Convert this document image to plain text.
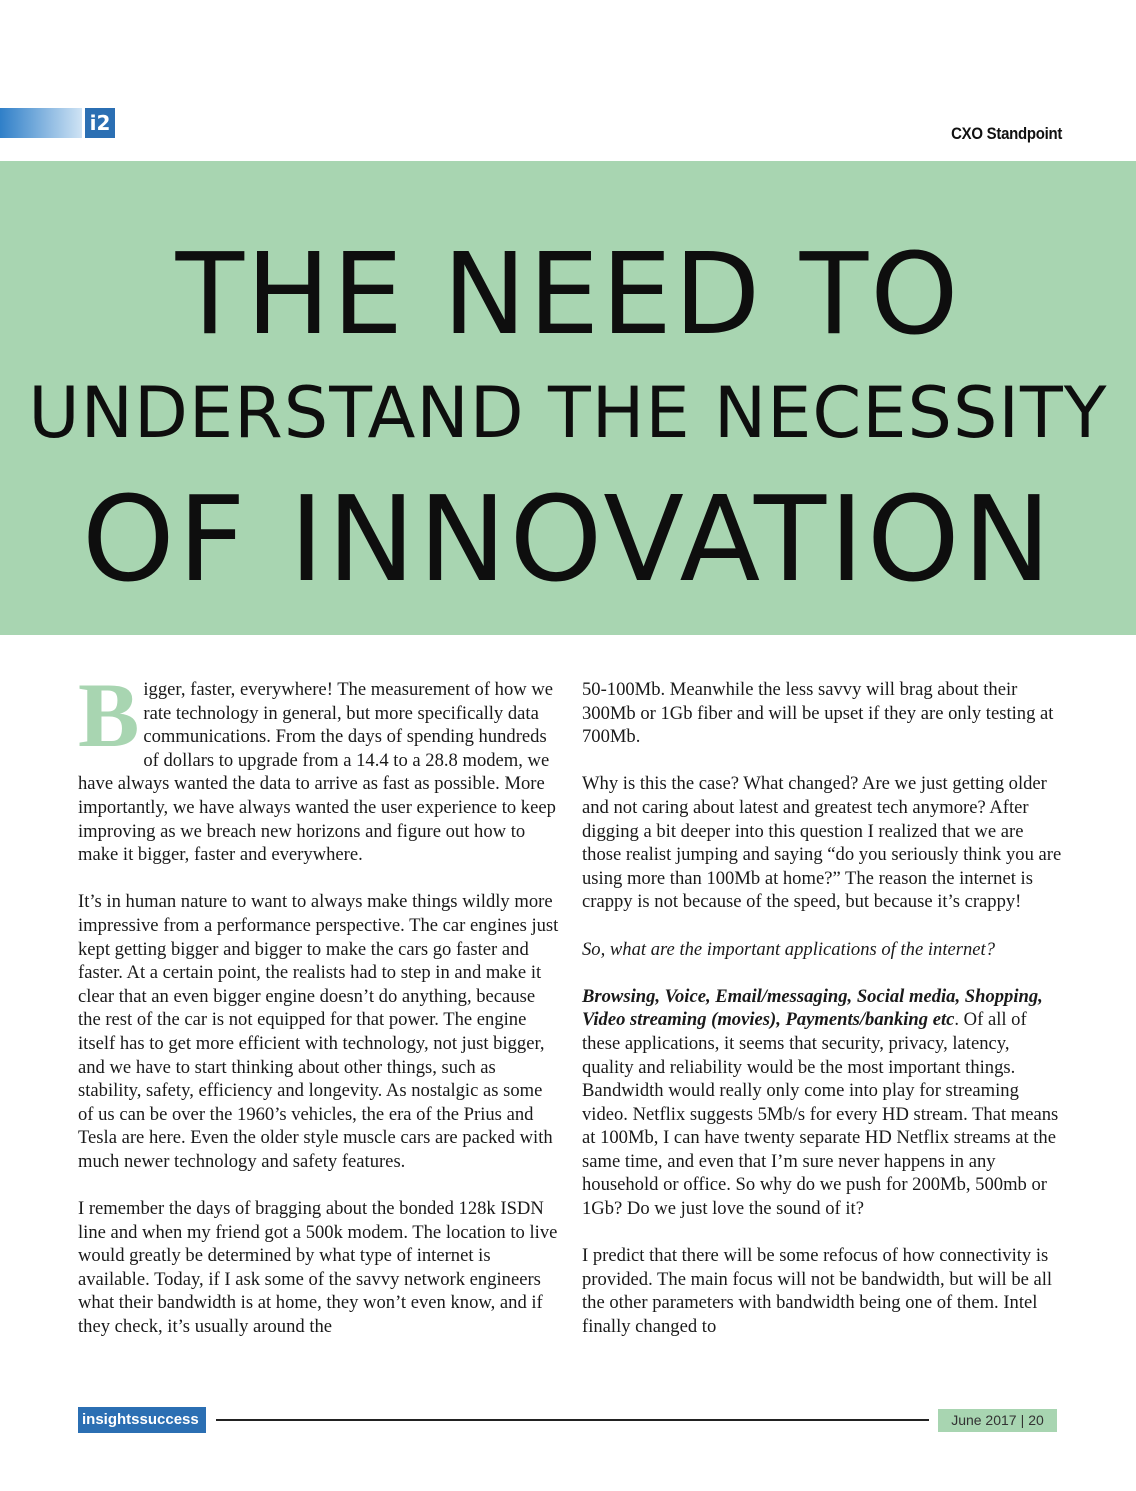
i2	CXO Standpoint
THE NEED TO
UNDERSTAND THE NECESSITY
OF INNOVATION

Bigger, faster, everywhere! The measurement of how we rate technology in general, but more specifically data communications. From the days of spending hundreds of dollars to upgrade from a 14.4 to a 28.8 modem, we have always wanted the data to arrive as fast as possible. More importantly, we have always wanted the user experience to keep improving as we breach new horizons and figure out how to make it bigger, faster and everywhere.

It’s in human nature to want to always make things wildly more impressive from a performance perspective. The car engines just kept getting bigger and bigger to make the cars go faster and faster. At a certain point, the realists had to step in and make it clear that an even bigger engine doesn’t do anything, because the rest of the car is not equipped for that power. The engine itself has to get more efficient with technology, not just bigger, and we have to start thinking about other things, such as stability, safety, efficiency and longevity. As nostalgic as some of us can be over the 1960’s vehicles, the era of the Prius and Tesla are here. Even the older style muscle cars are packed with much newer technology and safety features.

I remember the days of bragging about the bonded 128k ISDN line and when my friend got a 500k modem. The location to live would greatly be determined by what type of internet is available. Today, if I ask some of the savvy network engineers what their bandwidth is at home, they won’t even know, and if they check, it’s usually around the

50-100Mb. Meanwhile the less savvy will brag about their 300Mb or 1Gb fiber and will be upset if they are only testing at 700Mb.

Why is this the case? What changed? Are we just getting older and not caring about latest and greatest tech anymore? After digging a bit deeper into this question I realized that we are those realist jumping and saying “do you seriously think you are using more than 100Mb at home?” The reason the internet is crappy is not because of the speed, but because it’s crappy!

So, what are the important applications of the internet?

Browsing, Voice, Email/messaging, Social media, Shopping, Video streaming (movies), Payments/banking etc. Of all of these applications, it seems that security, privacy, latency, quality and reliability would be the most important things. Bandwidth would really only come into play for streaming video. Netflix suggests 5Mb/s for every HD stream. That means at 100Mb, I can have twenty separate HD Netflix streams at the same time, and even that I’m sure never happens in any household or office. So why do we push for 200Mb, 500mb or 1Gb? Do we just love the sound of it?

I predict that there will be some refocus of how connectivity is provided. The main focus will not be bandwidth, but will be all the other parameters with bandwidth being one of them. Intel finally changed to

insightssuccess	June 2017 | 20
